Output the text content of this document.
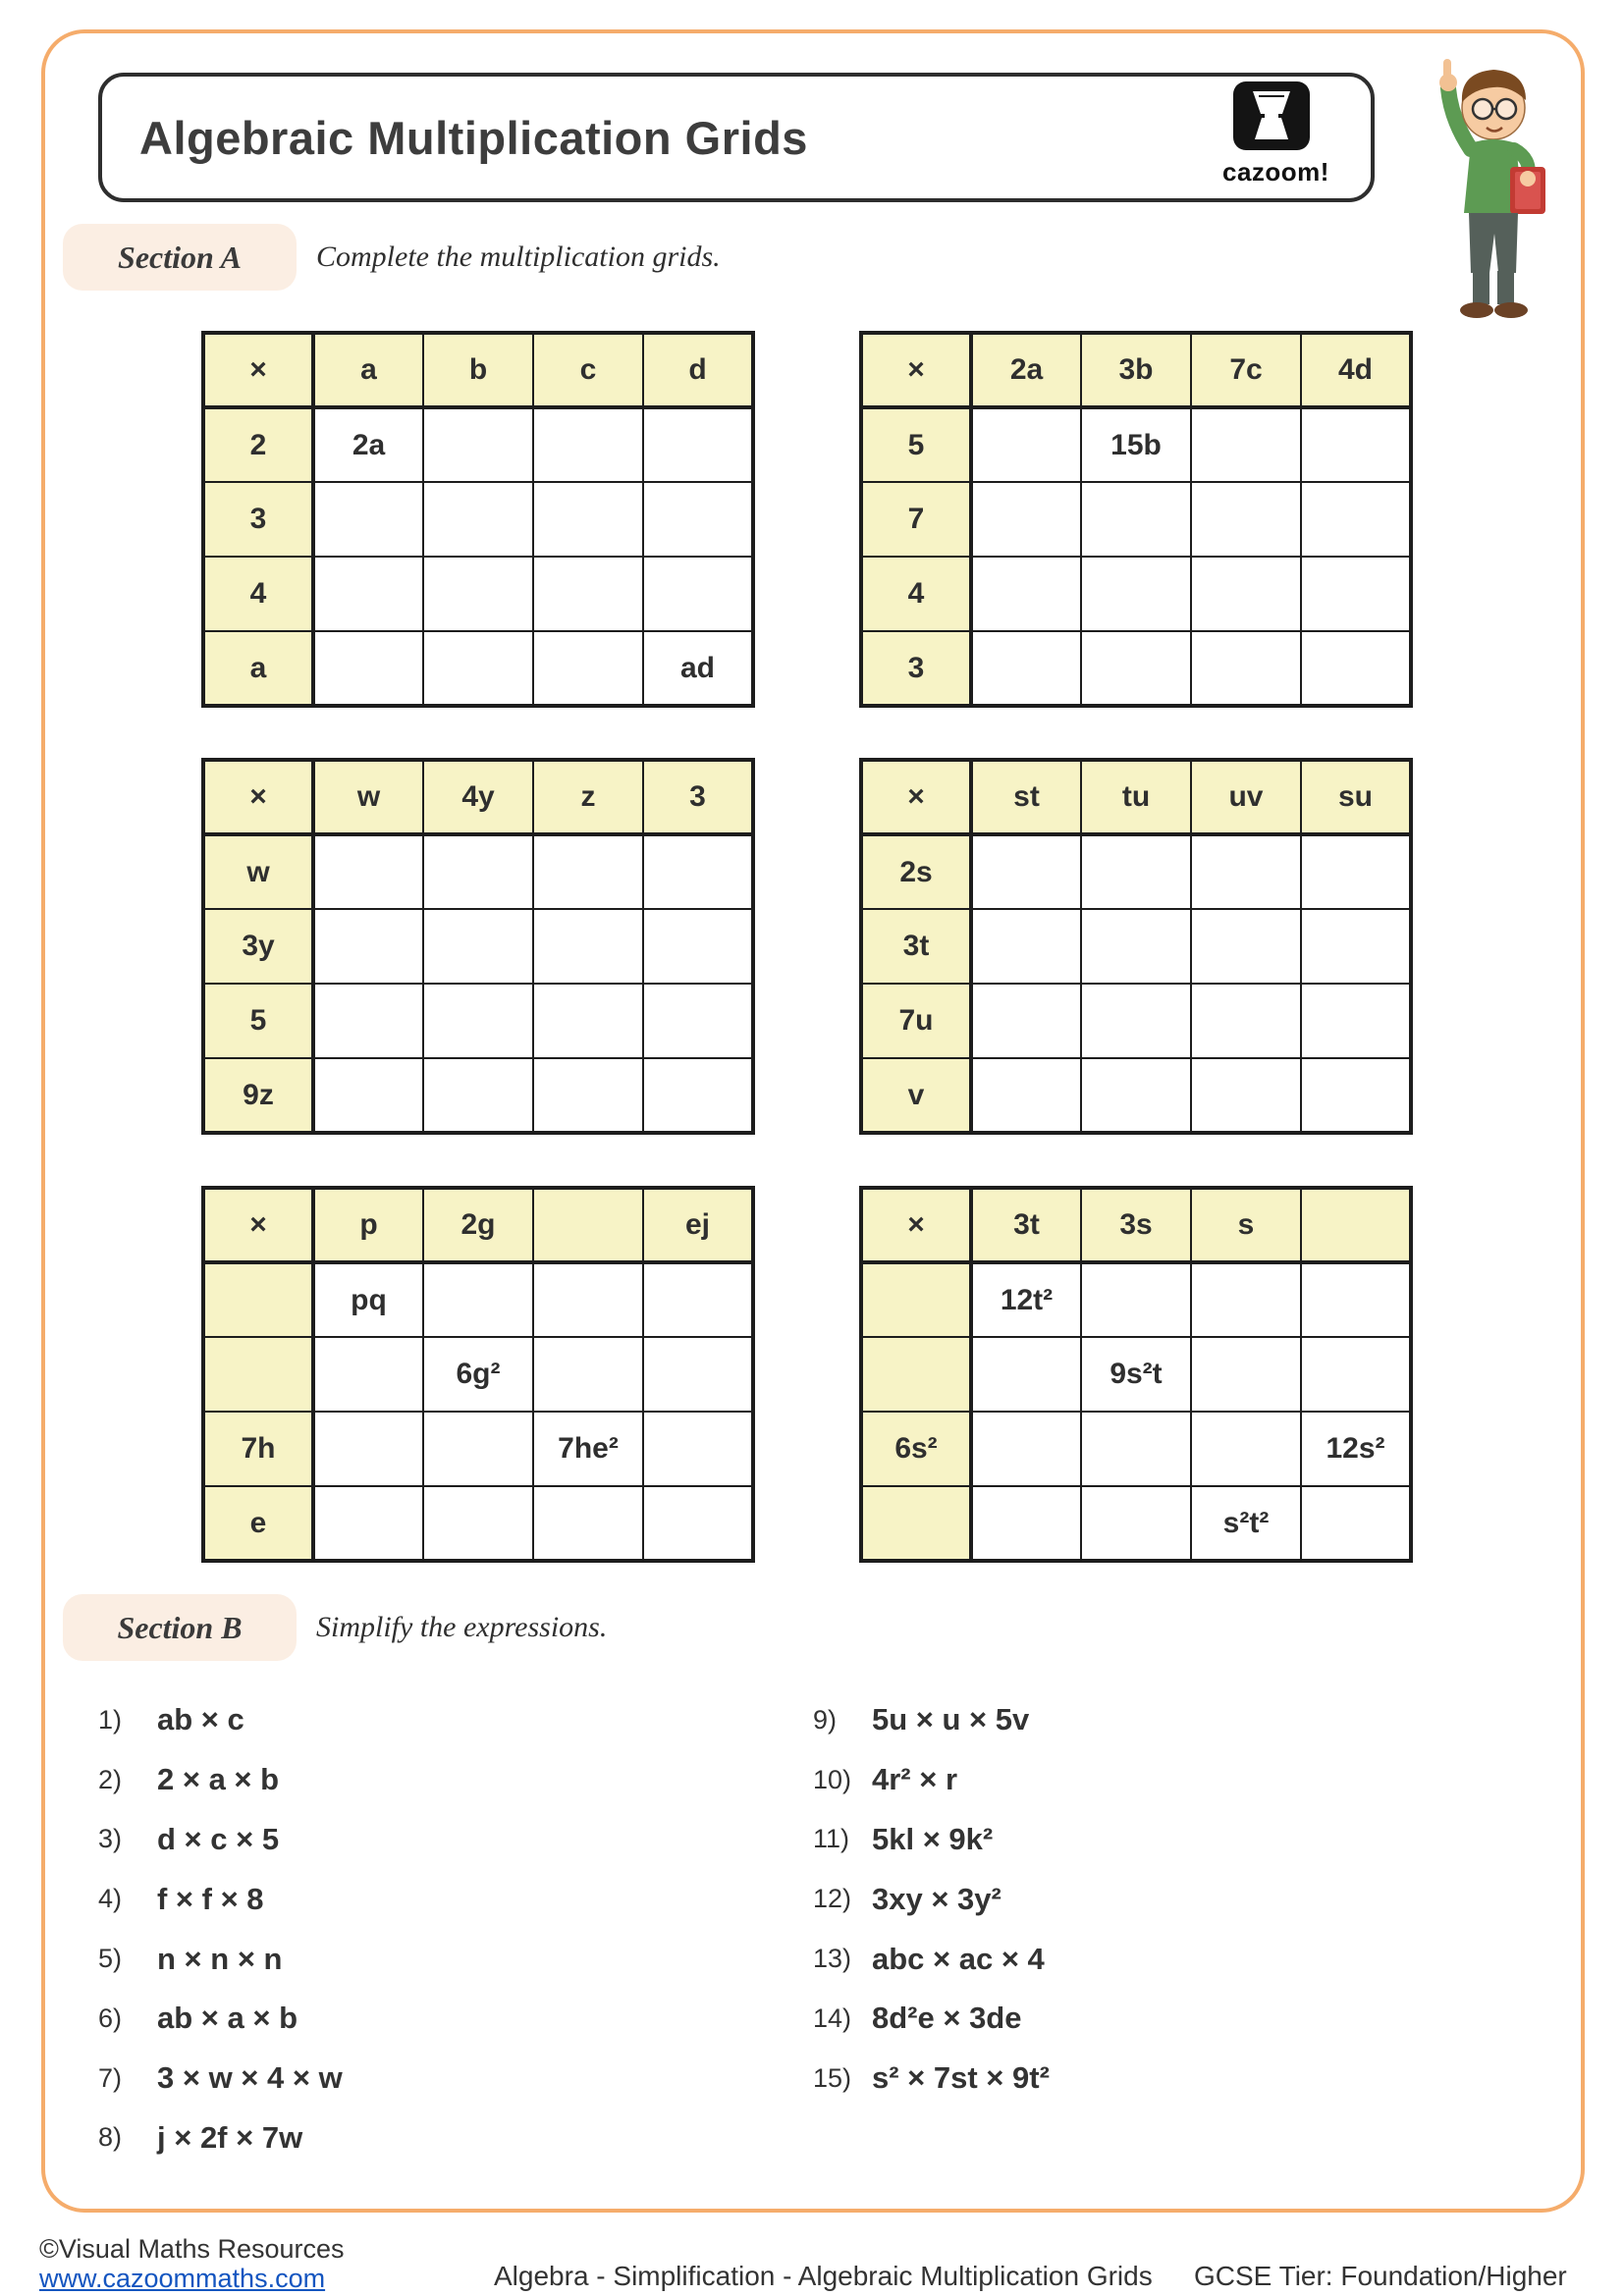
Algebraic Multiplication Grids
cazoom!
Section A	Complete the multiplication grids.
×	a	b	c	d
2	2a			
3				
4				
a				ad
×	2a	3b	7c	4d
5		15b		
7				
4				
3				
×	w	4y	z	3
w				
3y				
5				
9z				
×	st	tu	uv	su
2s				
3t				
7u				
v				
×	p	2g		ej
	pq			
		6g²		
7h			7he²	
e				
×	3t	3s	s	
	12t²			
		9s²t		
6s²				12s²
			s²t²	
Section B	Simplify the expressions.
1)	ab × c
2)	2 × a × b
3)	d × c × 5
4)	f × f × 8
5)	n × n × n
6)	ab × a × b
7)	3 × w × 4 × w
8)	j × 2f × 7w
9)	5u × u × 5v
10) 4r² × r
11) 5kl × 9k²
12) 3xy × 3y²
13) abc × ac × 4
14) 8d²e × 3de
15) s² × 7st × 9t²
©Visual Maths Resources
www.cazoommaths.com	Algebra - Simplification - Algebraic Multiplication Grids GCSE Tier: Foundation/Higher
